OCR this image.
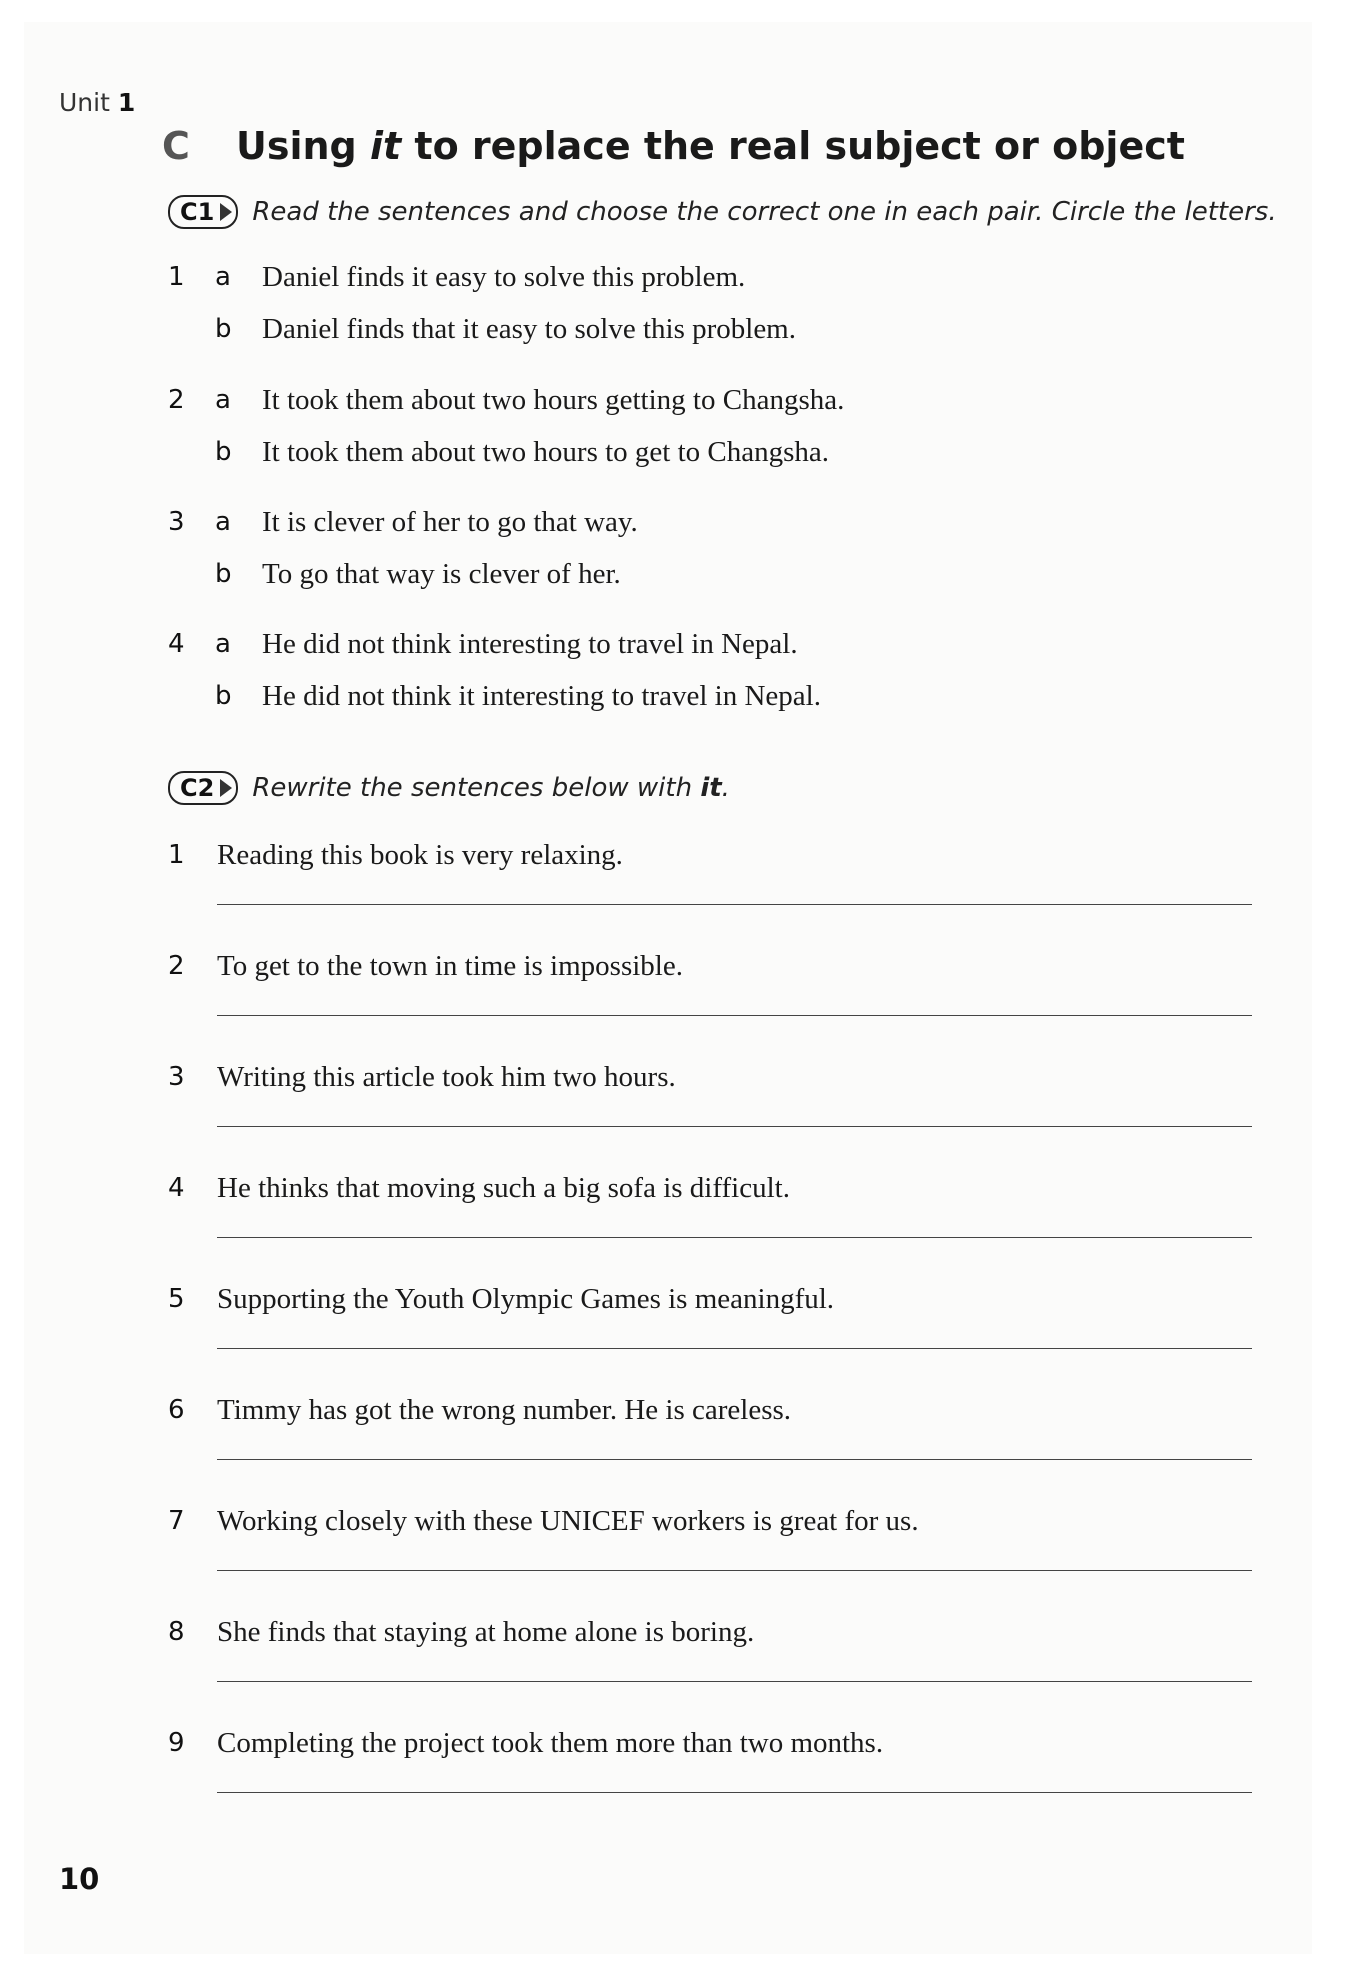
Unit 1
C	Using it to replace the real subject or object
C1 Read the sentences and choose the correct one in each pair. Circle the letters.
1 a Daniel finds it easy to solve this problem.
b Daniel finds that it easy to solve this problem.
2 a It took them about two hours getting to Changsha.
b It took them about two hours to get to Changsha.
3 a It is clever of her to go that way.
b To go that way is clever of her.
4 a He did not think interesting to travel in Nepal.
b He did not think it interesting to travel in Nepal.
C2 Rewrite the sentences below with it.
1 Reading this book is very relaxing.
2 To get to the town in time is impossible.
3 Writing this article took him two hours.
4 He thinks that moving such a big sofa is difficult.
5 Supporting the Youth Olympic Games is meaningful.
6 Timmy has got the wrong number. He is careless.
7 Working closely with these UNICEF workers is great for us.
8 She finds that staying at home alone is boring.
9 Completing the project took them more than two months.
10
